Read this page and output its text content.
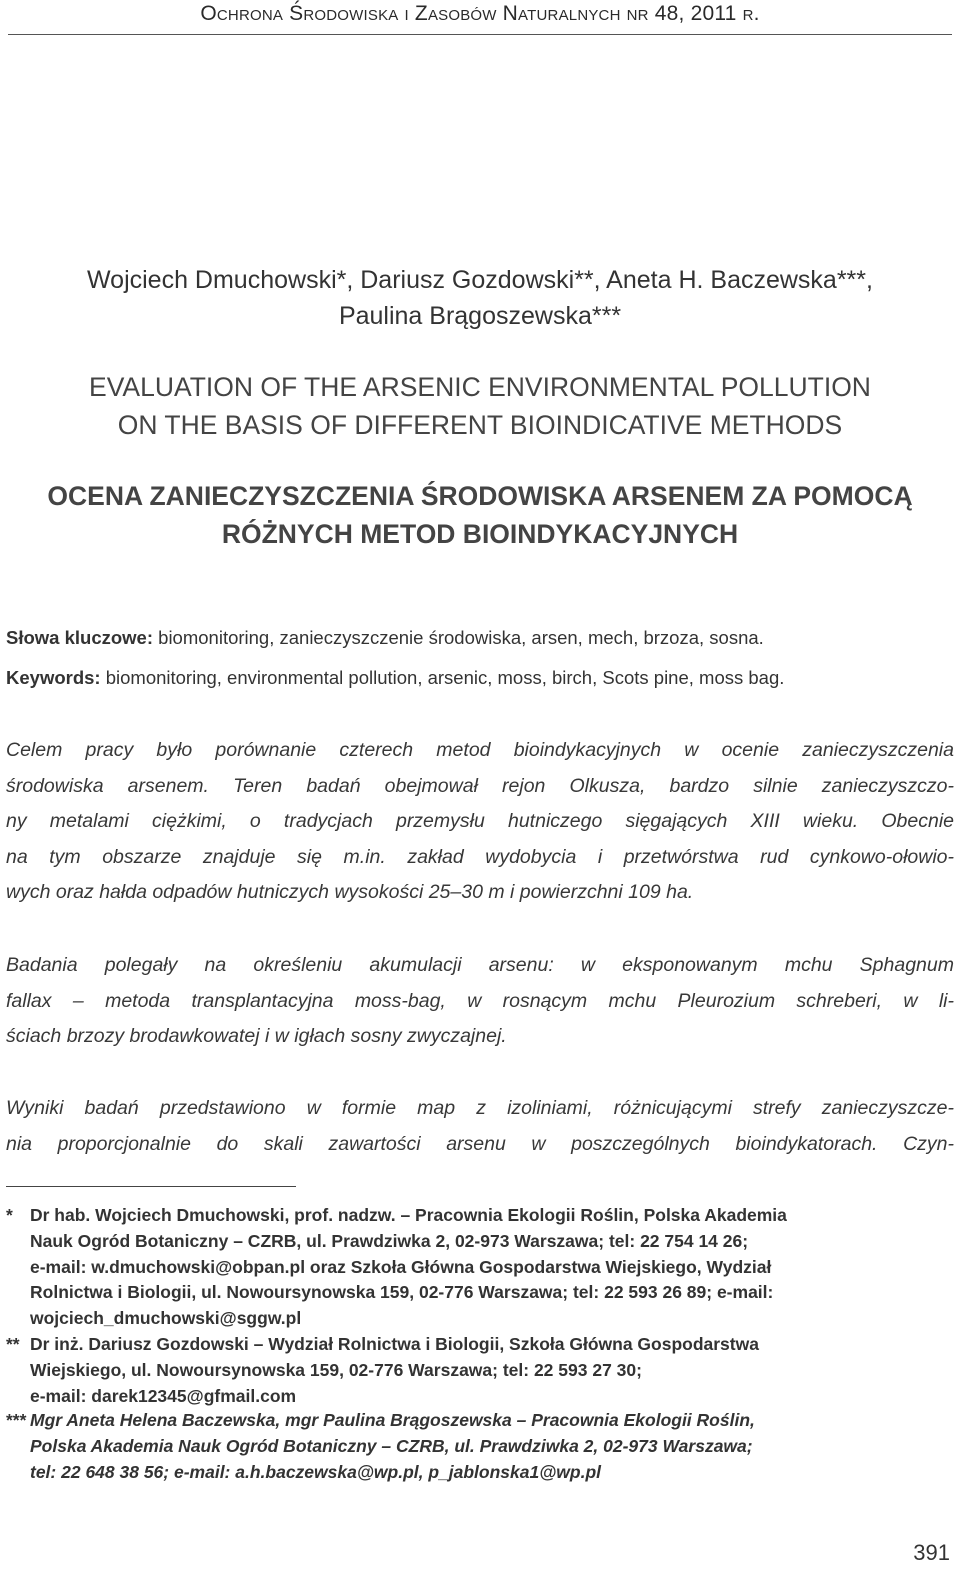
Ochrona Środowiska i Zasobów Naturalnych nr 48, 2011 r.
Wojciech Dmuchowski*, Dariusz Gozdowski**, Aneta H. Baczewska***,
Paulina Brągoszewska***
EVALUATION OF THE ARSENIC ENVIRONMENTAL POLLUTION
ON THE BASIS OF DIFFERENT BIOINDICATIVE METHODS
OCENA ZANIECZYSZCZENIA ŚRODOWISKA ARSENEM ZA POMOCĄ
RÓŻNYCH METOD BIOINDYKACYJNYCH
Słowa kluczowe: biomonitoring, zanieczyszczenie środowiska, arsen, mech, brzoza, sosna.
Keywords: biomonitoring, environmental pollution, arsenic, moss, birch, Scots pine, moss bag.
Celem pracy było porównanie czterech metod bioindykacyjnych w ocenie zanieczyszczenia
środowiska arsenem. Teren badań obejmował rejon Olkusza, bardzo silnie zanieczyszczo-
ny metalami ciężkimi, o tradycjach przemysłu hutniczego sięgających XIII wieku. Obecnie
na tym obszarze znajduje się m.in. zakład wydobycia i przetwórstwa rud cynkowo-ołowio-
wych oraz hałda odpadów hutniczych wysokości 25–30 m i powierzchni 109 ha.
Badania polegały na określeniu akumulacji arsenu: w eksponowanym mchu Sphagnum
fallax – metoda transplantacyjna moss-bag, w rosnącym mchu Pleurozium schreberi, w li-
ściach brzozy brodawkowatej i w igłach sosny zwyczajnej.
Wyniki badań przedstawiono w formie map z izoliniami, różnicującymi strefy zanieczyszcze-
nia proporcjonalnie do skali zawartości arsenu w poszczególnych bioindykatorach. Czyn-
* Dr hab. Wojciech Dmuchowski, prof. nadzw. – Pracownia Ekologii Roślin, Polska Akademia
Nauk Ogród Botaniczny – CZRB, ul. Prawdziwka 2, 02-973 Warszawa; tel: 22 754 14 26;
e-mail: w.dmuchowski@obpan.pl oraz Szkoła Główna Gospodarstwa Wiejskiego, Wydział
Rolnictwa i Biologii, ul. Nowoursynowska 159, 02-776 Warszawa; tel: 22 593 26 89; e-mail:
wojciech_dmuchowski@sggw.pl
** Dr inż. Dariusz Gozdowski – Wydział Rolnictwa i Biologii, Szkoła Główna Gospodarstwa
Wiejskiego, ul. Nowoursynowska 159, 02-776 Warszawa; tel: 22 593 27 30;
e-mail: darek12345@gfmail.com
*** Mgr Aneta Helena Baczewska, mgr Paulina Brągoszewska – Pracownia Ekologii Roślin,
Polska Akademia Nauk Ogród Botaniczny – CZRB, ul. Prawdziwka 2, 02-973 Warszawa;
tel: 22 648 38 56; e-mail: a.h.baczewska@wp.pl, p_jablonska1@wp.pl
391
